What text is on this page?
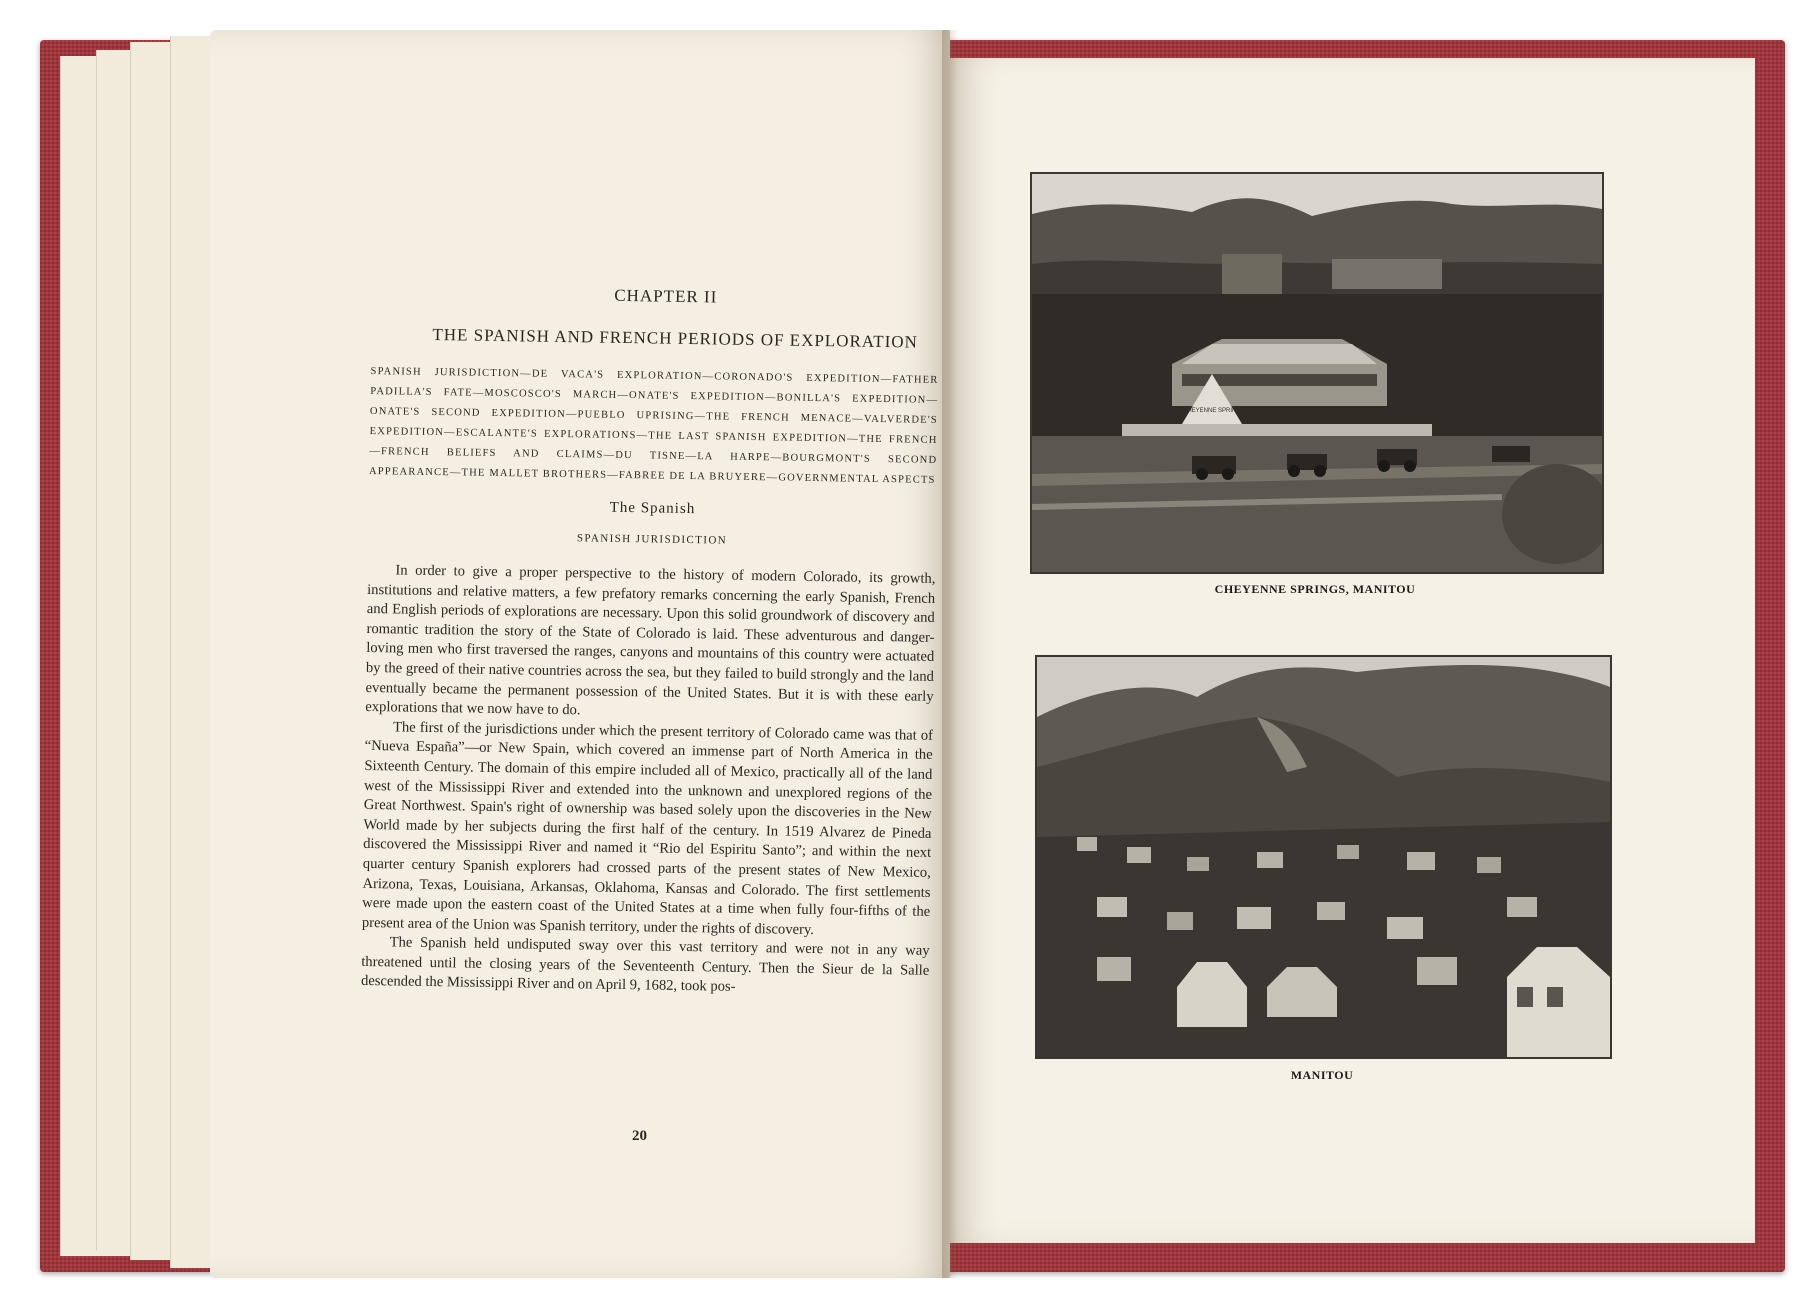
CHAPTER II
THE SPANISH AND FRENCH PERIODS OF EXPLORATION

SPANISH JURISDICTION—DE VACA'S EXPLORATION—CORONADO'S EXPEDITION—FATHER PADILLA'S FATE—MOSCOSCO'S MARCH—ONATE'S EXPEDITION—BONILLA'S EXPEDITION—ONATE'S SECOND EXPEDITION—PUEBLO UPRISING—THE FRENCH MENACE—VALVERDE'S EXPEDITION—ESCALANTE'S EXPLORATIONS—THE LAST SPANISH EXPEDITION—THE FRENCH—FRENCH BELIEFS AND CLAIMS—DU TISNE—LA HARPE—BOURGMONT'S SECOND APPEARANCE—THE MALLET BROTHERS—FABREE DE LA BRUYERE—GOVERNMENTAL ASPECTS

The Spanish
SPANISH JURISDICTION

In order to give a proper perspective to the history of modern Colorado, its growth, institutions and relative matters, a few prefatory remarks concerning the early Spanish, French and English periods of explorations are necessary. Upon this solid groundwork of discovery and romantic tradition the story of the State of Colorado is laid. These adventurous and danger-loving men who first traversed the ranges, canyons and mountains of this country were actuated by the greed of their native countries across the sea, but they failed to build strongly and the land eventually became the permanent possession of the United States. But it is with these early explorations that we now have to do.

The first of the jurisdictions under which the present territory of Colorado came was that of “Nueva España”—or New Spain, which covered an immense part of North America in the Sixteenth Century. The domain of this empire included all of Mexico, practically all of the land west of the Mississippi River and extended into the unknown and unexplored regions of the Great Northwest. Spain's right of ownership was based solely upon the discoveries in the New World made by her subjects during the first half of the century. In 1519 Alvarez de Pineda discovered the Mississippi River and named it “Rio del Espiritu Santo”; and within the next quarter century Spanish explorers had crossed parts of the present states of New Mexico, Arizona, Texas, Louisiana, Arkansas, Oklahoma, Kansas and Colorado. The first settlements were made upon the eastern coast of the United States at a time when fully four-fifths of the present area of the Union was Spanish territory, under the rights of discovery.

The Spanish held undisputed sway over this vast territory and were not in any way threatened until the closing years of the Seventeenth Century. Then the Sieur de la Salle descended the Mississippi River and on April 9, 1682, took pos-

20
CHEYENNE SPRING
CHEYENNE SPRINGS, MANITOU
MANITOU
